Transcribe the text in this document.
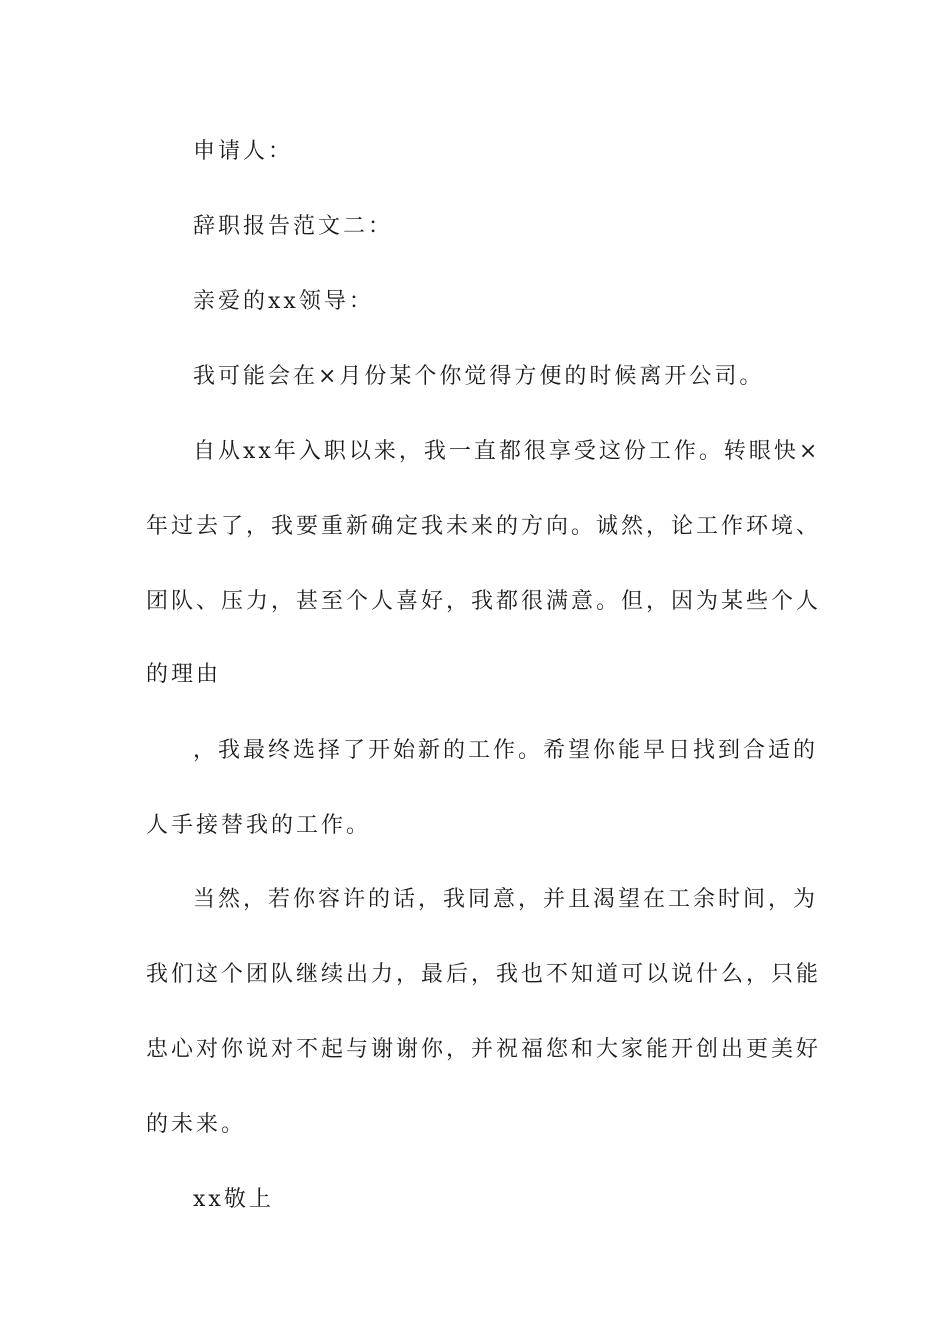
申请人：
辞职报告范文二：
亲爱的xx领导：
我可能会在×月份某个你觉得方便的时候离开公司。
自从xx年入职以来，我一直都很享受这份工作。转眼快×
年过去了，我要重新确定我未来的方向。诚然，论工作环境、
团队、压力，甚至个人喜好，我都很满意。但，因为某些个人
的理由
，我最终选择了开始新的工作。希望你能早日找到合适的
人手接替我的工作。
当然，若你容许的话，我同意，并且渴望在工余时间，为
我们这个团队继续出力，最后，我也不知道可以说什么，只能
忠心对你说对不起与谢谢你，并祝福您和大家能开创出更美好
的未来。
xx敬上
